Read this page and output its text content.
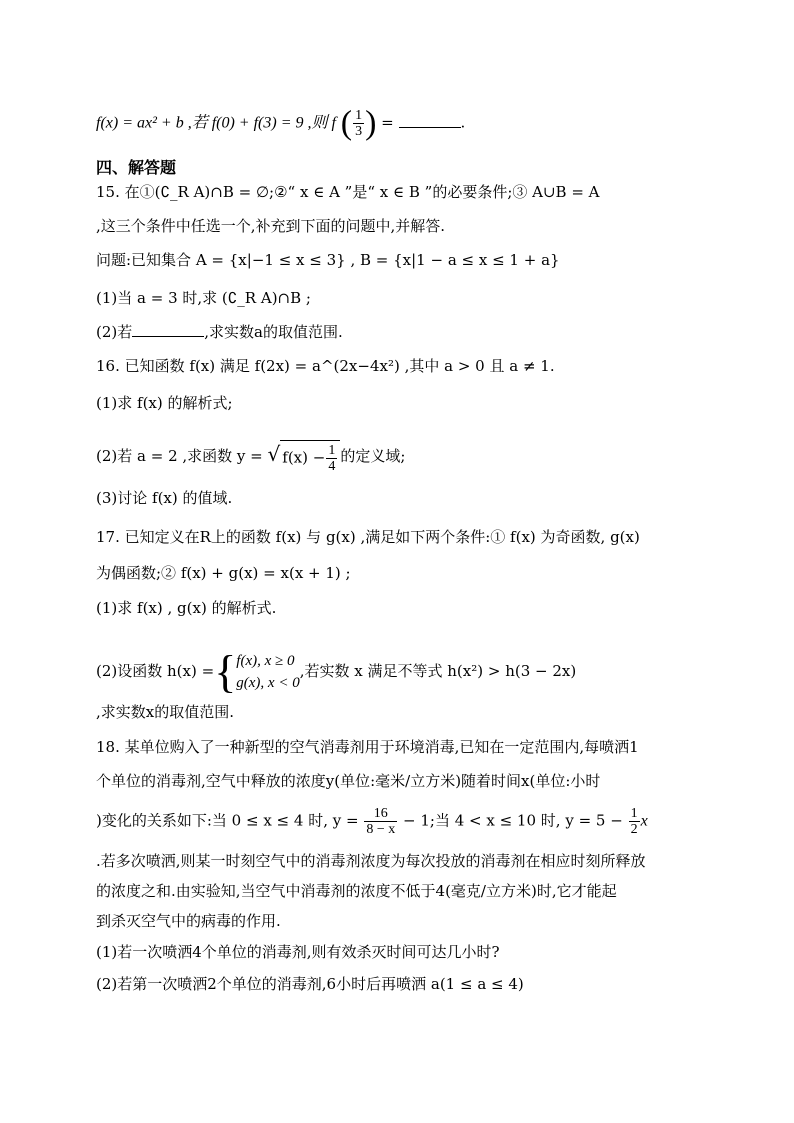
f(x) = ax² + b ,若 f(0) + f(3) = 9 ,则 f ( $\frac{1}{3}$ ) =	.
四、解答题
15. 在①(∁_R A)∩B = ∅;②“ x ∈ A ”是“ x ∈ B ”的必要条件;③ A∪B = A
,这三个条件中任选一个,补充到下面的问题中,并解答.
问题:已知集合 A = {x|−1 ≤ x ≤ 3} , B = {x|1 − a ≤ x ≤ 1 + a}
(1)当 a = 3 时,求 (∁_R A)∩B ;
(2)若	,求实数a的取值范围.
16. 已知函数 f(x) 满足 f(2x) = a^(2x−4x²) ,其中 a > 0 且 a ≠ 1.
(1)求 f(x) 的解析式;
(2)若 a = 2 ,求函数 y = √ $f(x) - \frac{1}{4}$ 的定义域;
(3)讨论 f(x) 的值域.
17. 已知定义在R上的函数 f(x) 与 g(x) ,满足如下两个条件:① f(x) 为奇函数, g(x)
为偶函数;② f(x) + g(x) = x(x + 1) ;
(1)求 f(x) , g(x) 的解析式.
(2)设函数 h(x) ={ f(x), x ≥ 0
g(x), x < 0
,若实数 x 满足不等式 h(x²) > h(3 − 2x)
,求实数x的取值范围.
18. 某单位购入了一种新型的空气消毒剂用于环境消毒,已知在一定范围内,每喷洒1
个单位的消毒剂,空气中释放的浓度y(单位:毫米/立方米)随着时间x(单位:小时
)变化的关系如下:当 0 ≤ x ≤ 4 时, $y = \frac{16}{8 - x} - 1$;当 4 < x ≤ 10 时, $y = 5 - \frac{1}{2}$ x
.若多次喷洒,则某一时刻空气中的消毒剂浓度为每次投放的消毒剂在相应时刻所释放
的浓度之和.由实验知,当空气中消毒剂的浓度不低于4(毫克/立方米)时,它才能起
到杀灭空气中的病毒的作用.
(1)若一次喷洒4个单位的消毒剂,则有效杀灭时间可达几小时?
(2)若第一次喷洒2个单位的消毒剂,6小时后再喷洒 a(1 ≤ a ≤ 4)
